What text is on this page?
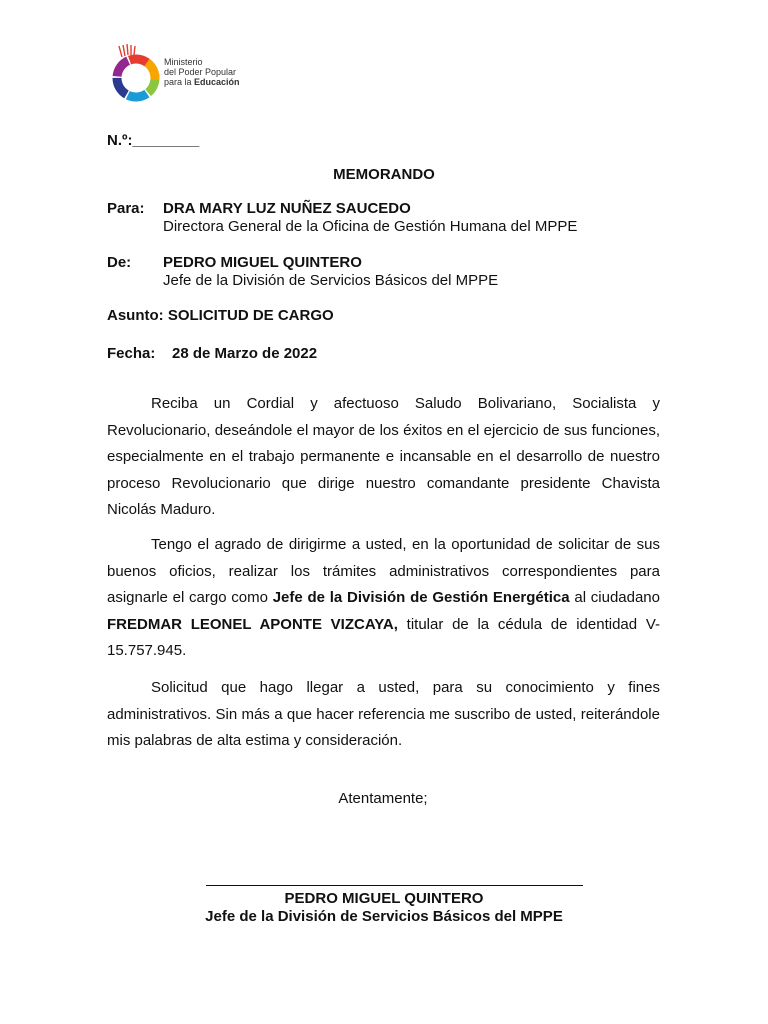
Ministerio
del Poder Popular
para la Educación
N.º:________
MEMORANDO
Para: DRA MARY LUZ NUÑEZ SAUCEDO
Directora General de la Oficina de Gestión Humana del MPPE
De: PEDRO MIGUEL QUINTERO
Jefe de la División de Servicios Básicos del MPPE
Asunto: SOLICITUD DE CARGO
Fecha: 28 de Marzo de 2022
Reciba un Cordial y afectuoso Saludo Bolivariano, Socialista y Revolucionario, deseándole el mayor de los éxitos en el ejercicio de sus funciones, especialmente en el trabajo permanente e incansable en el desarrollo de nuestro proceso Revolucionario que dirige nuestro comandante presidente Chavista Nicolás Maduro.
Tengo el agrado de dirigirme a usted, en la oportunidad de solicitar de sus buenos oficios, realizar los trámites administrativos correspondientes para asignarle el cargo como Jefe de la División de Gestión Energética al ciudadano FREDMAR LEONEL APONTE VIZCAYA, titular de la cédula de identidad V-15.757.945.
Solicitud que hago llegar a usted, para su conocimiento y fines administrativos. Sin más a que hacer referencia me suscribo de usted, reiterándole mis palabras de alta estima y consideración.
Atentamente;
PEDRO MIGUEL QUINTERO
Jefe de la División de Servicios Básicos del MPPE
